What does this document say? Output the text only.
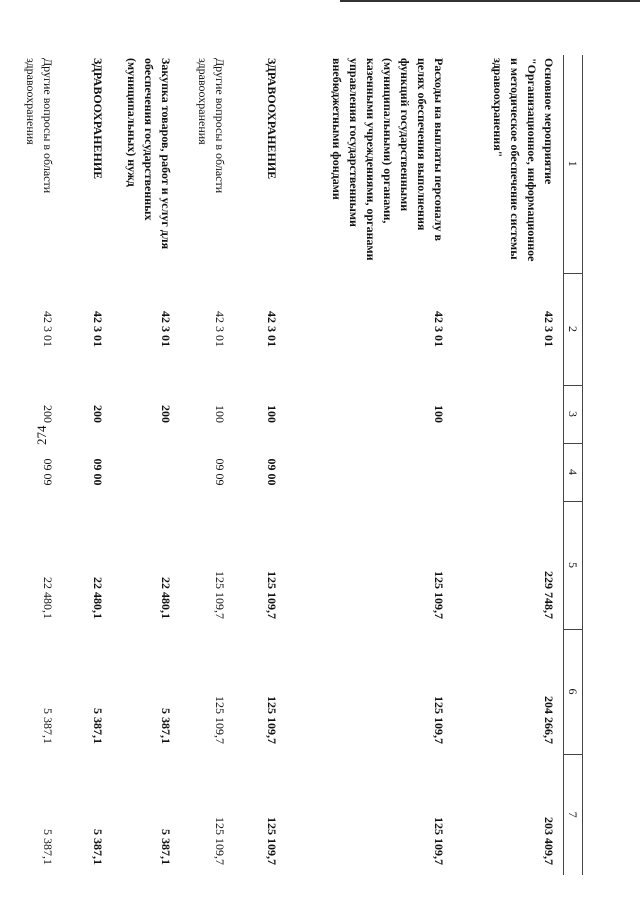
274
1	2	3	4	5	6	7
Основное мероприятие "Организационное, информационное и методическое обеспечение системы здравоохранения"	42 3 01			229 748,7	204 266,7	203 409,7
Расходы на выплаты персоналу в целях обеспечения выполнения функций государственными (муниципальными) органами, казенными учреждениями, органами управления государственными внебюджетными фондами	42 3 01	100		125 109,7	125 109,7	125 109,7
ЗДРАВООХРАНЕНИЕ	42 3 01	100	09 00	125 109,7	125 109,7	125 109,7
Другие вопросы в области здравоохранения	42 3 01	100	09 09	125 109,7	125 109,7	125 109,7
Закупка товаров, работ и услуг для обеспечения государственных (муниципальных) нужд	42 3 01	200		22 480,1	5 387,1	5 387,1
ЗДРАВООХРАНЕНИЕ	42 3 01	200	09 00	22 480,1	5 387,1	5 387,1
Другие вопросы в области здравоохранения	42 3 01	200	09 09	22 480,1	5 387,1	5 387,1
